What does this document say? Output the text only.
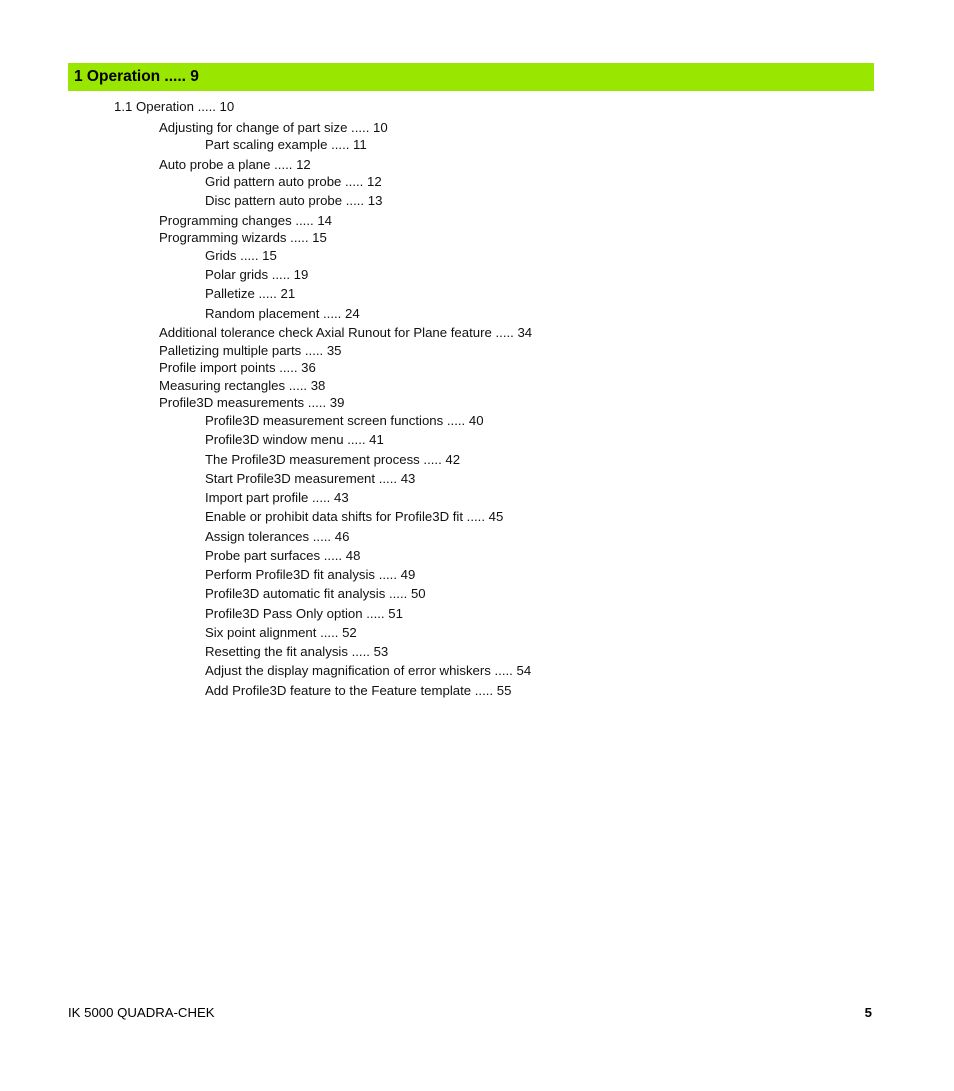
1 Operation ..... 9
1.1 Operation ..... 10
Adjusting for change of part size ..... 10
Part scaling example ..... 11
Auto probe a plane ..... 12
Grid pattern auto probe ..... 12
Disc pattern auto probe ..... 13
Programming changes ..... 14
Programming wizards ..... 15
Grids ..... 15
Polar grids ..... 19
Palletize ..... 21
Random placement ..... 24
Additional tolerance check Axial Runout for Plane feature ..... 34
Palletizing multiple parts ..... 35
Profile import points ..... 36
Measuring rectangles ..... 38
Profile3D measurements ..... 39
Profile3D measurement screen functions ..... 40
Profile3D window menu ..... 41
The Profile3D measurement process ..... 42
Start Profile3D measurement ..... 43
Import part profile ..... 43
Enable or prohibit data shifts for Profile3D fit ..... 45
Assign tolerances ..... 46
Probe part surfaces ..... 48
Perform Profile3D fit analysis ..... 49
Profile3D automatic fit analysis ..... 50
Profile3D Pass Only option ..... 51
Six point alignment ..... 52
Resetting the fit analysis ..... 53
Adjust the display magnification of error whiskers ..... 54
Add Profile3D feature to the Feature template ..... 55
IK 5000 QUADRA-CHEK	5
